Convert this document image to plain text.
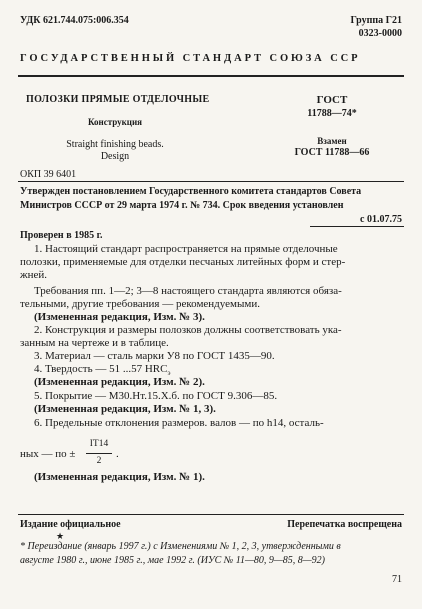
УДК 621.744.075:006.354	Группа Г21
0323-0000
ГОСУДАРСТВЕННЫЙ СТАНДАРТ СОЮЗА ССР
ПОЛОЗКИ ПРЯМЫЕ ОТДЕЛОЧНЫЕ
Конструкция
Straight finishing beads.
Design
ГОСТ
11788—74*
Взамен
ГОСТ 11788—66
ОКП 39 6401
Утвержден постановлением Государственного комитета стандартов Совета
Министров СССР от 29 марта 1974 г. № 734. Срок введения установлен
с 01.07.75
Проверен в 1985 г.
1. Настоящий стандарт распространяется на прямые отделочные
полозки, применяемые для отделки песчаных литейных форм и стер-
жней.
Требования пп. 1—2; 3—8 настоящего стандарта являются обяза-
тельными, другие требования — рекомендуемыми.
(Измененная редакция, Изм. № 3).
2. Конструкция и размеры полозков должны соответствовать ука-
занным на чертеже и в таблице.
3. Материал — сталь марки У8 по ГОСТ 1435—90.
4. Твердость — 51 ...57 $HRC_э$
(Измененная редакция, Изм. № 2).
5. Покрытие — М30.Нт.15.Х.б. по ГОСТ 9.306—85.
(Измененная редакция, Изм. № 1, 3).
6. Предельные отклонения размеров. валов — по h14, осталь-
ных — по ±
IT14
2
.
(Измененная редакция, Изм. № 1).
Издание официальное	Перепечатка воспрещена
★
* Переиздание (январь 1997 г.) с Изменениями № 1, 2, 3, утвержденными в
августе 1980 г., июне 1985 г., мае 1992 г. (ИУС № 11—80, 9—85, 8—92)
71
